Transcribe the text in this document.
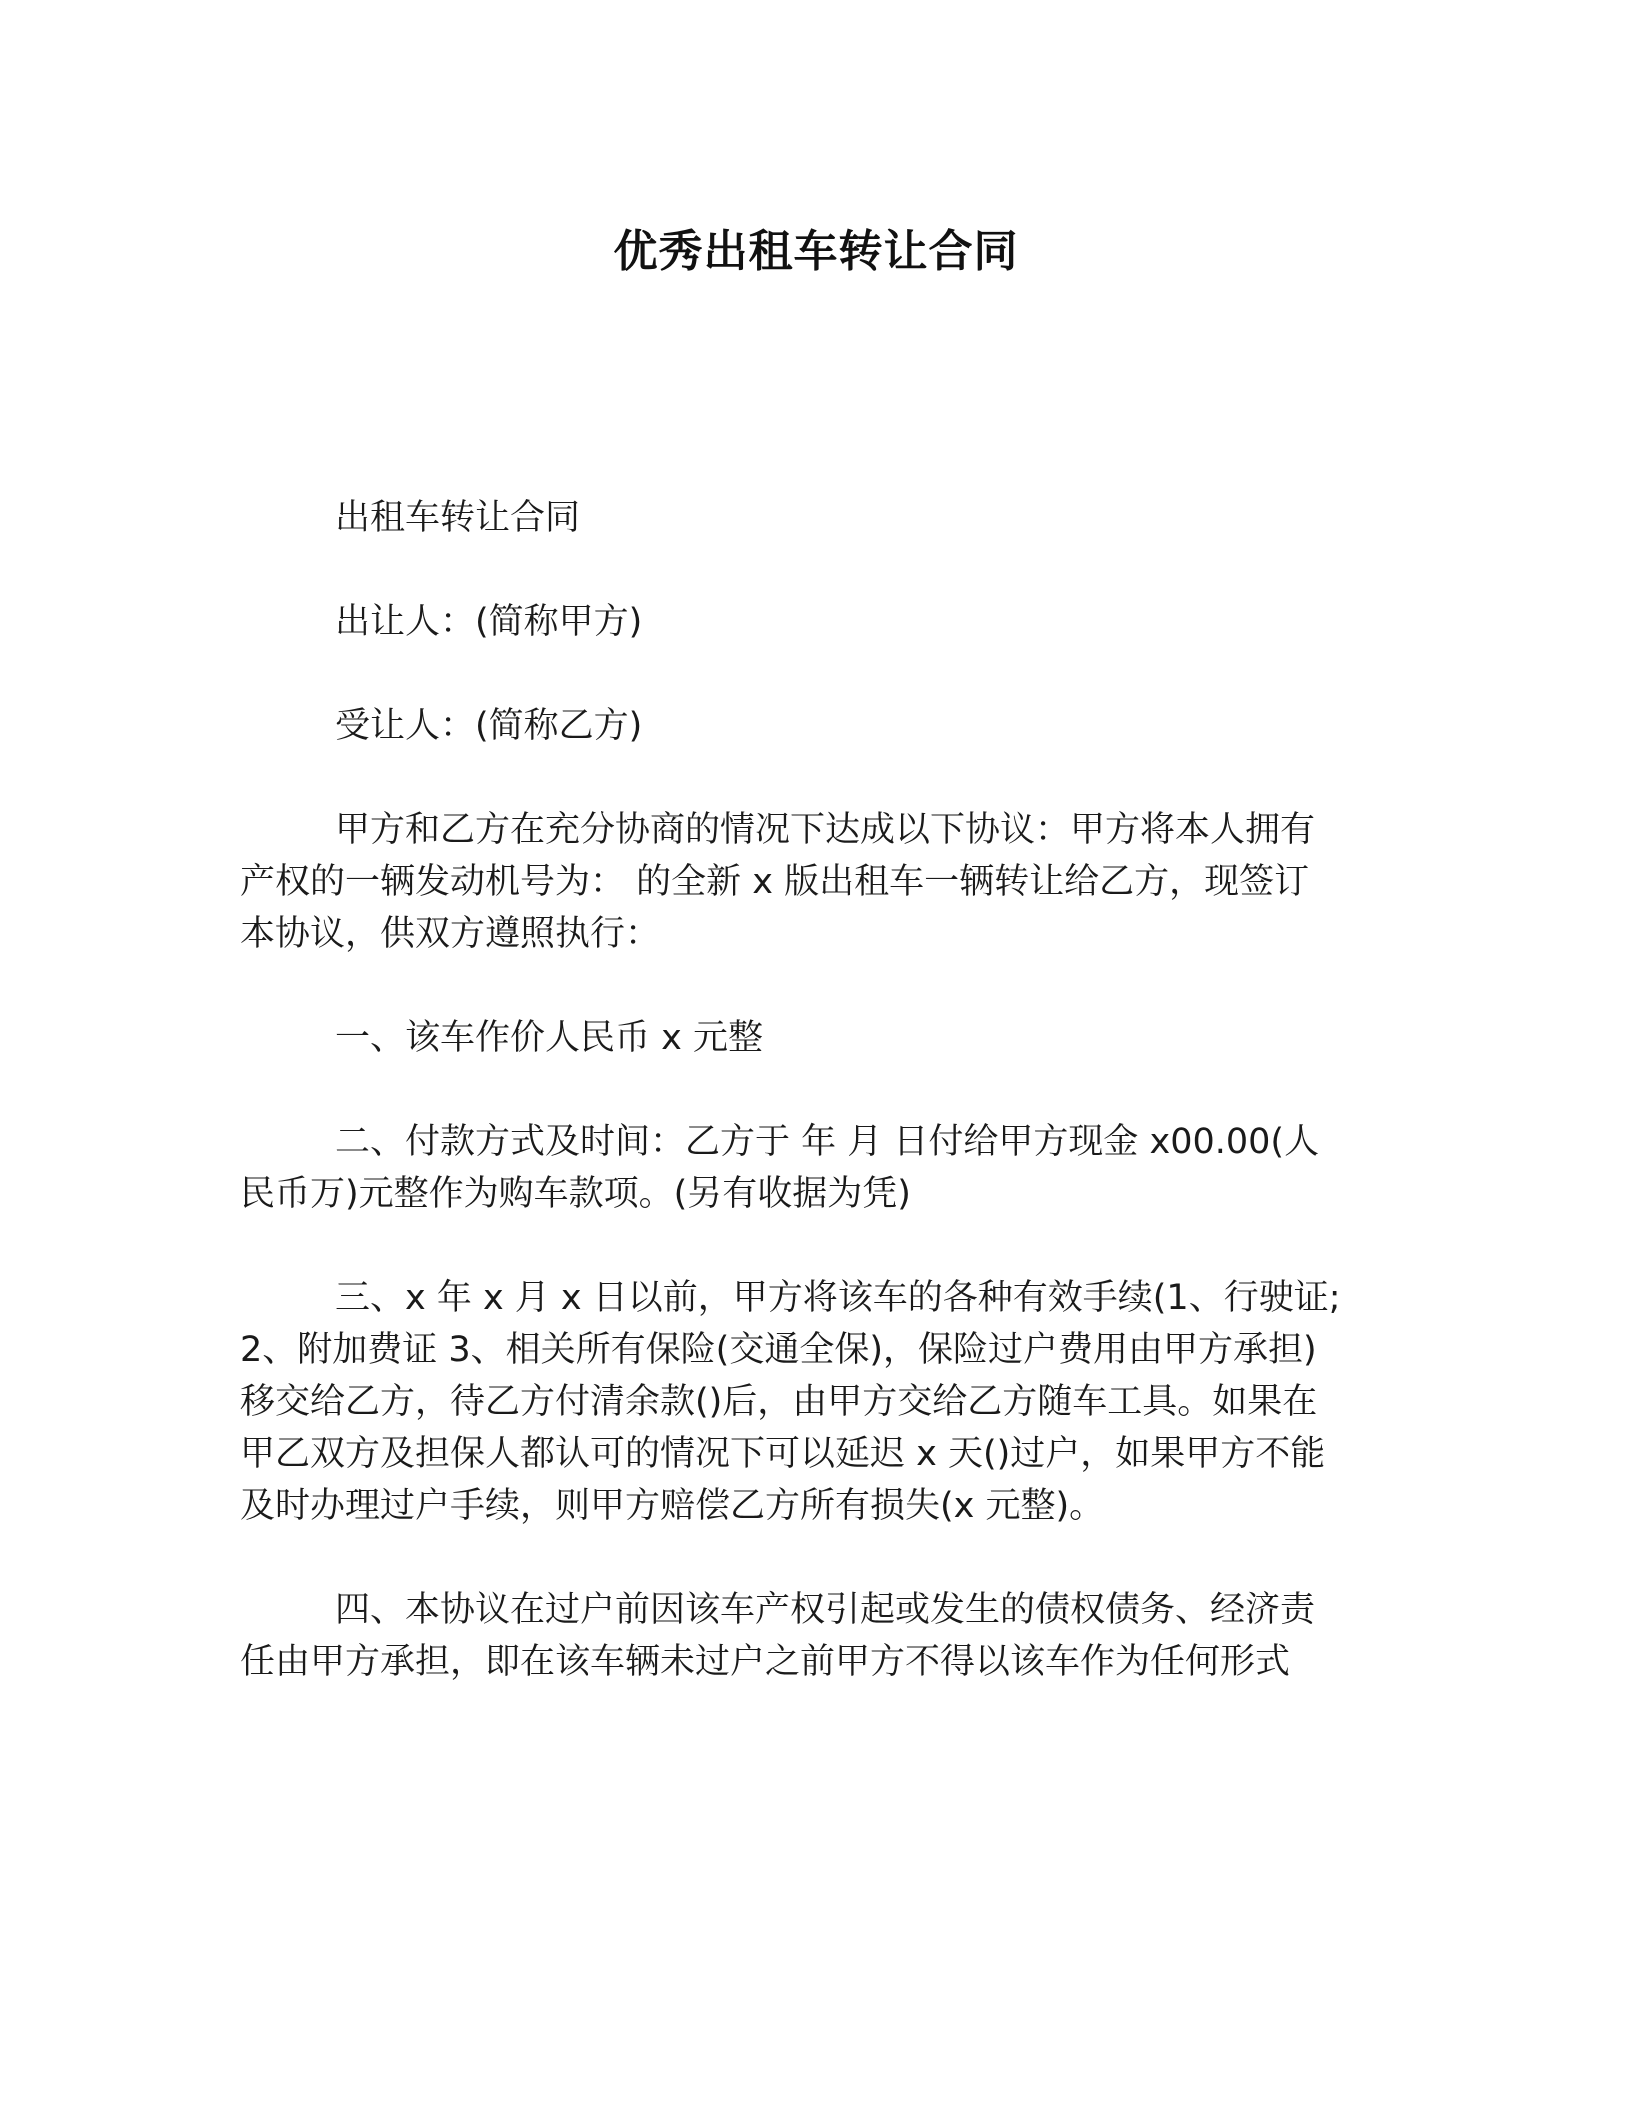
优秀出租车转让合同

出租车转让合同

出让人：(简称甲方)

受让人：(简称乙方)

甲方和乙方在充分协商的情况下达成以下协议：甲方将本人拥有

产权的一辆发动机号为： 的全新 x 版出租车一辆转让给乙方，现签订

本协议，供双方遵照执行：

一、该车作价人民币 x 元整

二、付款方式及时间：乙方于 年 月 日付给甲方现金 x00.00(人

民币万)元整作为购车款项。(另有收据为凭)

三、x 年 x 月 x 日以前，甲方将该车的各种有效手续(1、行驶证;

2、附加费证 3、相关所有保险(交通全保)，保险过户费用由甲方承担)

移交给乙方，待乙方付清余款()后，由甲方交给乙方随车工具。如果在

甲乙双方及担保人都认可的情况下可以延迟 x 天()过户，如果甲方不能

及时办理过户手续，则甲方赔偿乙方所有损失(x 元整)。

四、本协议在过户前因该车产权引起或发生的债权债务、经济责

任由甲方承担，即在该车辆未过户之前甲方不得以该车作为任何形式
